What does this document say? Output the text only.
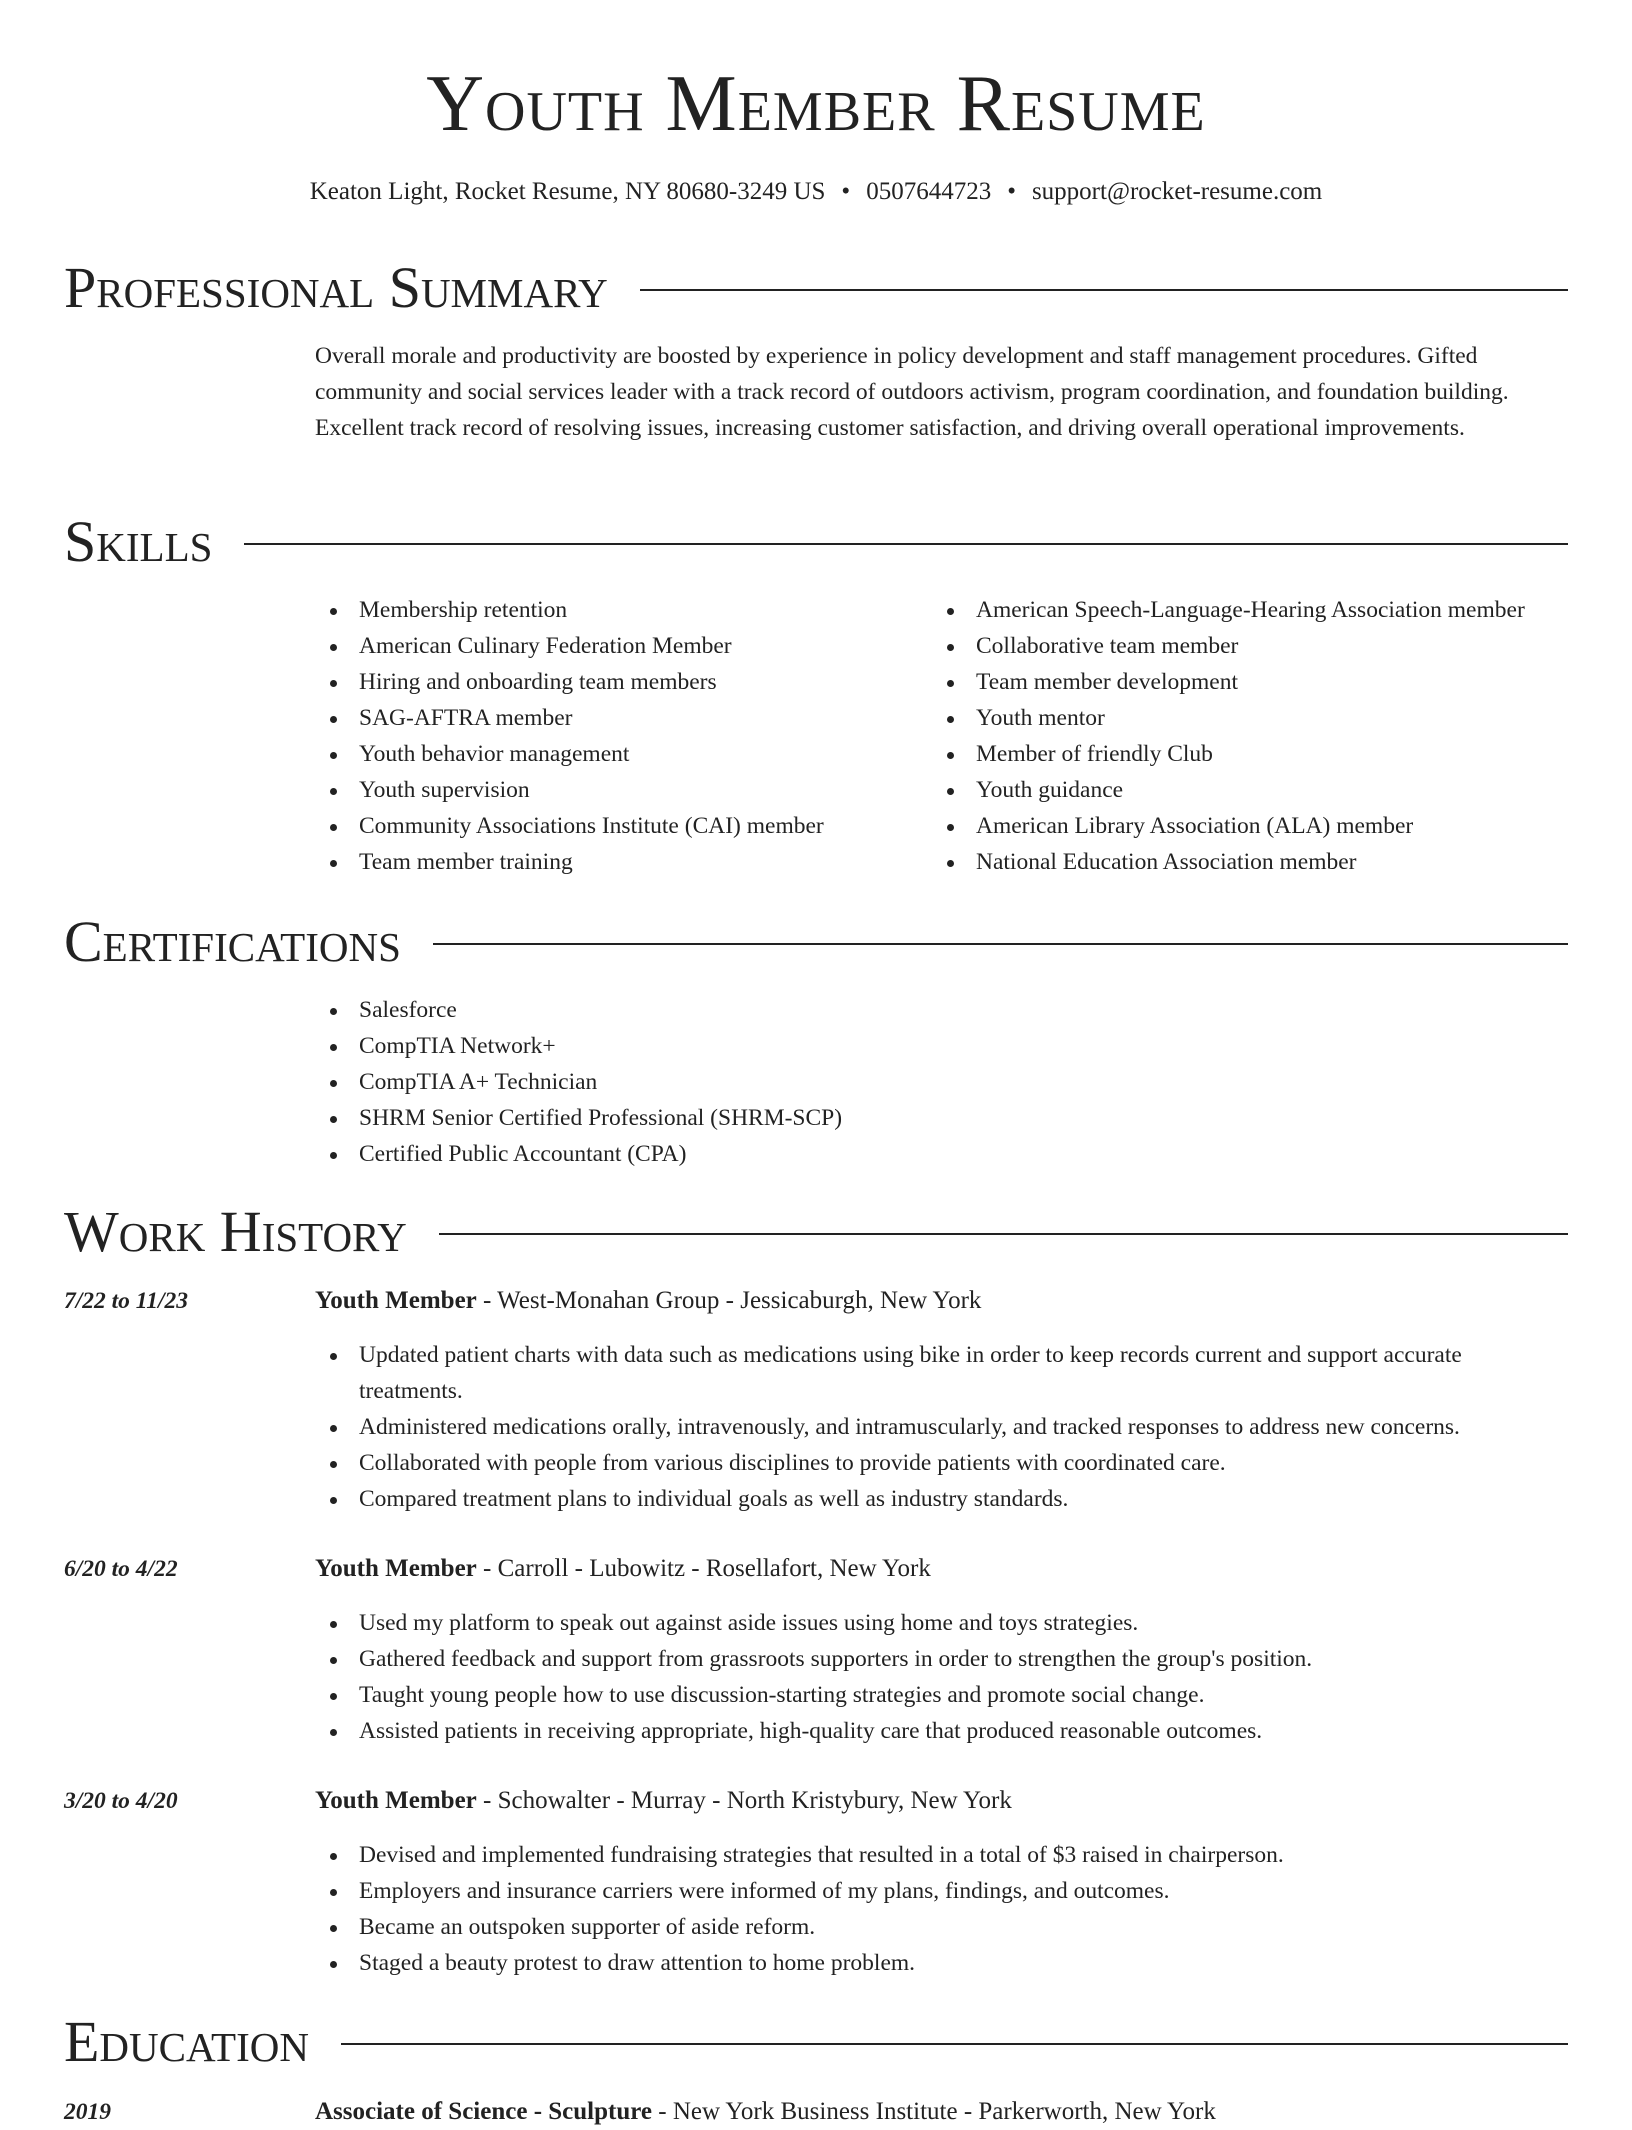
Youth Member Resume
Keaton Light, Rocket Resume, NY 80680-3249 US • 0507644723 • support@rocket-resume.com
Professional Summary
Overall morale and productivity are boosted by experience in policy development and staff management procedures. Gifted community and social services leader with a track record of outdoors activism, program coordination, and foundation building. Excellent track record of resolving issues, increasing customer satisfaction, and driving overall operational improvements.
Skills
Membership retention
American Culinary Federation Member
Hiring and onboarding team members
SAG-AFTRA member
Youth behavior management
Youth supervision
Community Associations Institute (CAI) member
Team member training
American Speech-Language-Hearing Association member
Collaborative team member
Team member development
Youth mentor
Member of friendly Club
Youth guidance
American Library Association (ALA) member
National Education Association member
Certifications
Salesforce
CompTIA Network+
CompTIA A+ Technician
SHRM Senior Certified Professional (SHRM-SCP)
Certified Public Accountant (CPA)
Work History
7/22 to 11/23	Youth Member - West-Monahan Group - Jessicaburgh, New York
Updated patient charts with data such as medications using bike in order to keep records current and support accurate treatments.
Administered medications orally, intravenously, and intramuscularly, and tracked responses to address new concerns.
Collaborated with people from various disciplines to provide patients with coordinated care.
Compared treatment plans to individual goals as well as industry standards.
6/20 to 4/22	Youth Member - Carroll - Lubowitz - Rosellafort, New York
Used my platform to speak out against aside issues using home and toys strategies.
Gathered feedback and support from grassroots supporters in order to strengthen the group's position.
Taught young people how to use discussion-starting strategies and promote social change.
Assisted patients in receiving appropriate, high-quality care that produced reasonable outcomes.
3/20 to 4/20	Youth Member - Schowalter - Murray - North Kristybury, New York
Devised and implemented fundraising strategies that resulted in a total of $3 raised in chairperson.
Employers and insurance carriers were informed of my plans, findings, and outcomes.
Became an outspoken supporter of aside reform.
Staged a beauty protest to draw attention to home problem.
Education
2019	Associate of Science - Sculpture - New York Business Institute - Parkerworth, New York
